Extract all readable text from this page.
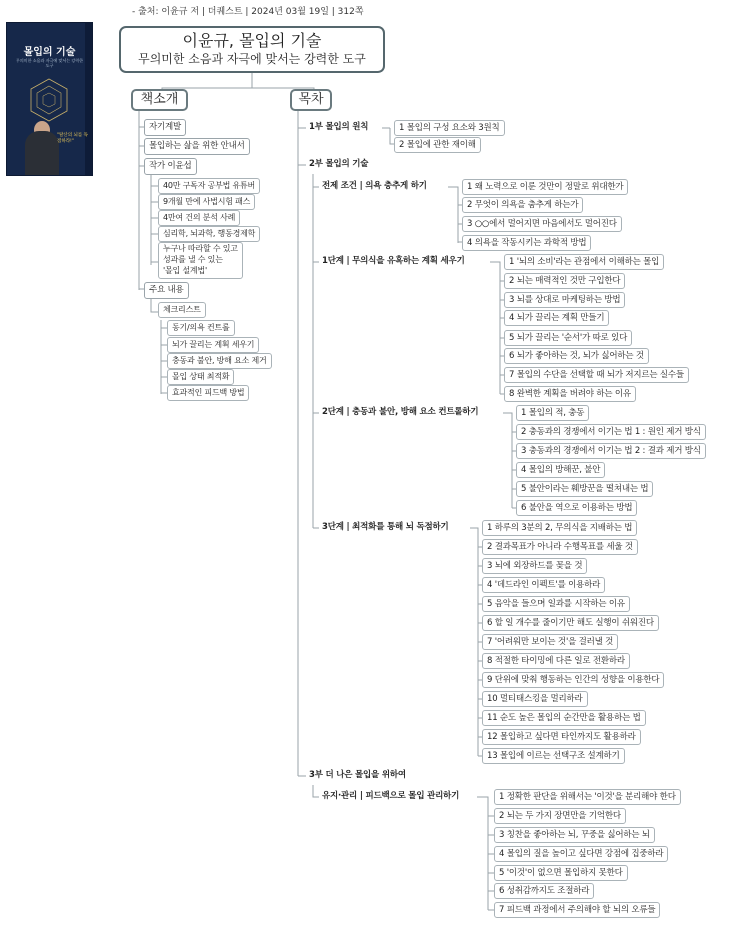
- 출처: 이윤규 저 | 더퀘스트 | 2024년 03월 19일 | 312쪽
몰입의 기술
무의미한 소음과 자극에 맞서는 강력한 도구
"탈산의 뇌를 독점하라!"
이윤규, 몰입의 기술
무의미한 소음과 자극에 맞서는 강력한 도구
책소개
자기계발
몰입하는 삶을 위한 안내서
작가 이윤섭
40만 구독자 공부법 유튜버
9개월 만에 사법시험 패스
4만여 건의 분석 사례
심리학, 뇌과학, 행동경제학
누구나 따라할 수 있고
성과를 낼 수 있는
'몰입 설계법'
주요 내용
체크리스트
동기/의욕 컨트롤
뇌가 끌리는 계획 세우기
충동과 불안, 방해 요소 제거
몰입 상태 최적화
효과적인 피드백 방법
목차
1부 몰입의 원칙	1 몰입의 구성 요소와 3원칙
2 몰입에 관한 재이해
2부 몰입의 기술
전제 조건 | 의욕 충추게 하기	1 왜 노력으로 이룬 것만이 정말로 위대한가
2 무엇이 의욕을 춤추게 하는가
3 ○○에서 멀어지면 마음에서도 멀어진다
4 의욕을 작동시키는 과학적 방법
1단계 | 무의식을 유혹하는 계획 세우기	1 '뇌의 소비'라는 관점에서 이해하는 몰입
2 뇌는 매력적인 것만 구입한다
3 뇌를 상대로 마케팅하는 방법
4 뇌가 끌리는 계획 만들기
5 뇌가 끌리는 '순서'가 따로 있다
6 뇌가 좋아하는 것, 뇌가 싫어하는 것
7 몰입의 수단을 선택할 때 뇌가 저지르는 실수들
8 완벽한 계획을 버려야 하는 이유
2단계 | 충동과 불안, 방해 요소 컨트롤하기	1 몰입의 적, 충동
2 충동과의 경쟁에서 이기는 법 1 : 원인 제거 방식
3 충동과의 경쟁에서 이기는 법 2 : 결과 제거 방식
4 몰입의 방해꾼, 불안
5 불안이라는 훼방꾼을 떨쳐내는 법
6 불안을 역으로 이용하는 방법
3단계 | 최적화를 통해 뇌 독점하기	1 하루의 3분의 2, 무의식을 지배하는 법
2 결과목표가 아니라 수행목표를 세울 것
3 뇌에 외장하드를 꽂을 것
4 '데드라인 이펙트'를 이용하라
5 음악을 들으며 일과를 시작하는 이유
6 할 일 개수를 줄이기만 해도 실행이 쉬워진다
7 '어려워만 보이는 것'을 걸러낼 것
8 적절한 타이밍에 다른 일로 전환하라
9 단위에 맞춰 행동하는 인간의 성향을 이용한다
10 멀티태스킹을 멀리하라
11 순도 높은 몰입의 순간만을 활용하는 법
12 몰입하고 싶다면 타인까지도 활용하라
13 몰입에 이르는 선택구조 설계하기
3부 더 나은 몰입을 위하여
유지·관리 | 피드백으로 몰입 관리하기	1 정확한 판단을 위해서는 '이것'을 분리해야 한다
2 뇌는 두 가지 장면만을 기억한다
3 칭찬을 좋아하는 뇌, 꾸중을 싫어하는 뇌
4 몰입의 질을 높이고 싶다면 강점에 집중하라
5 '이것'이 없으면 몰입하지 못한다
6 성취감까지도 조절하라
7 피드백 과정에서 주의해야 할 뇌의 오류들
